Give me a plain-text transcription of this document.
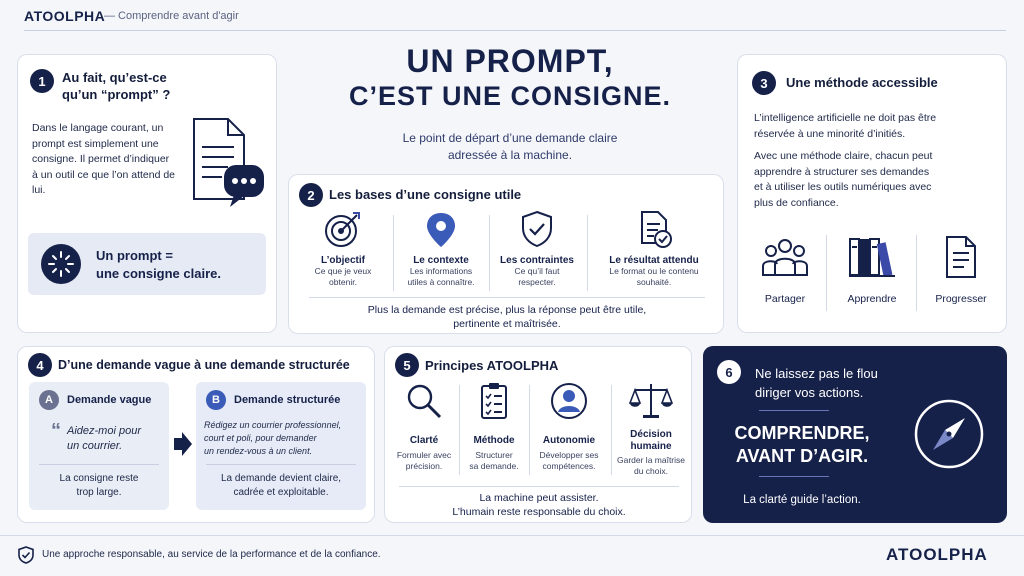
ATOOLPHA
— Comprendre avant d'agir
UN PROMPT,
C’EST UNE CONSIGNE.
Le point de départ d’une demande claire
adressée à la machine.
1	Au fait, qu’est-ce
qu’un “prompt” ?
Dans le langage courant, un
prompt est simplement une
consigne. Il permet d’indiquer
à un outil ce que l’on attend de
lui.
Un prompt =
une consigne claire.
2	Les bases d’une consigne utile
L’objectif
Ce que je veux
obtenir.
Le contexte
Les informations
utiles à connaître.
Les contraintes
Ce qu’il faut
respecter.
Le résultat attendu
Le format ou le contenu
souhaité.
Plus la demande est précise, plus la réponse peut être utile,
pertinente et maîtrisée.
3	Une méthode accessible
L’intelligence artificielle ne doit pas être
réservée à une minorité d’initiés.
Avec une méthode claire, chacun peut
apprendre à structurer ses demandes
et à utiliser les outils numériques avec
plus de confiance.
Partager	Apprendre	Progresser
4	D’une demande vague à une demande structurée
A	Demande vague
“ Aidez-moi pour
un courrier.
La consigne reste
trop large.
B	Demande structurée
Rédigez un courrier professionnel,
court et poli, pour demander
un rendez-vous à un client.
La demande devient claire,
cadrée et exploitable.
5	Principes ATOOLPHA
Clarté
Formuler avec
précision.
Méthode
Structurer
sa demande.
Autonomie
Développer ses
compétences.
Décision
humaine
Garder la maîtrise
du choix.
La machine peut assister.
L’humain reste responsable du choix.
6	Ne laissez pas le flou
diriger vos actions.
COMPRENDRE,
AVANT D’AGIR.
La clarté guide l’action.
Une approche responsable, au service de la performance et de la confiance.	ATOOLPHA
